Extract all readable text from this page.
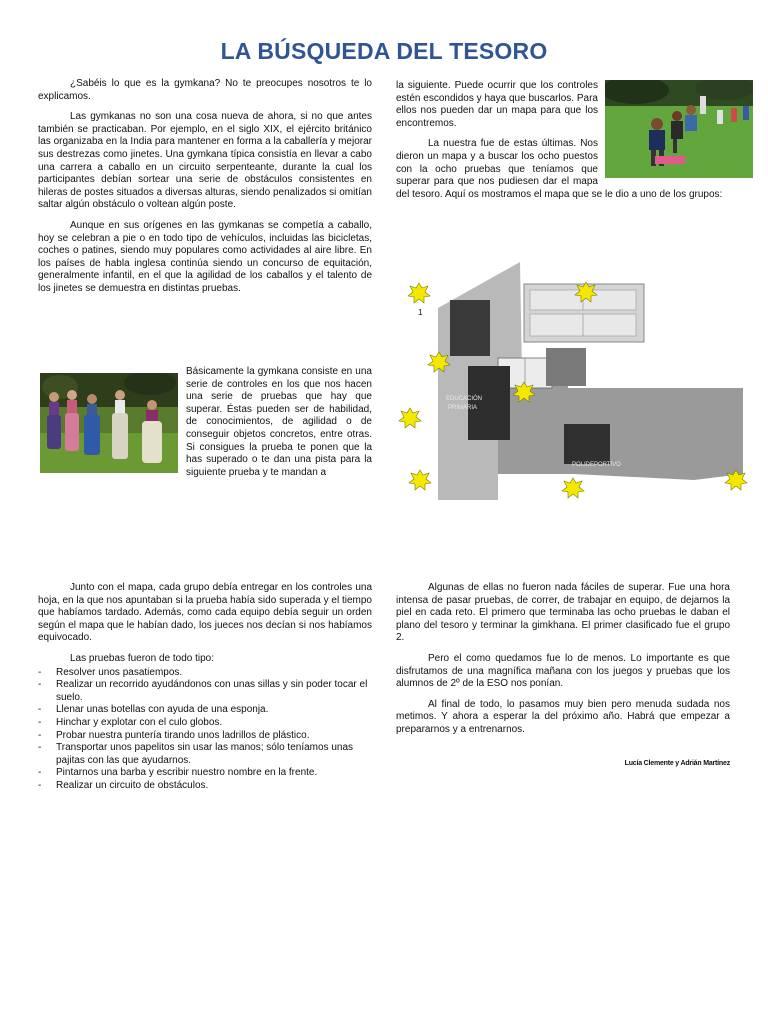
LA BÚSQUEDA DEL TESORO

¿Sabéis lo que es la gymkana? No te preocupes nosotros te lo explicamos.

Las gymkanas no son una cosa nueva de ahora, si no que antes también se practicaban. Por ejemplo, en el siglo XIX, el ejército británico las organizaba en la India para mantener en forma a la caballería y mejorar sus destrezas como jinetes. Una gymkana típica consistía en llevar a cabo una carrera a caballo en un circuito serpenteante, durante la cual los participantes debían sortear una serie de obstáculos consistentes en hileras de postes situados a diversas alturas, siendo penalizados si omitían saltar algún obstáculo o voltean algún poste.

Aunque en sus orígenes en las gymkanas se competía a caballo, hoy se celebran a pie o en todo tipo de vehículos, incluidas las bicicletas, coches o patines, siendo muy populares como actividades al aire libre. En los países de habla inglesa continúa siendo un concurso de equitación, generalmente infantil, en el que la agilidad de los caballos y el talento de los jinetes se demuestra en distintas pruebas.

Básicamente la gymkana consiste en una serie de controles en los que nos hacen una serie de pruebas que hay que superar. Éstas pueden ser de habilidad, de conocimientos, de agilidad o de conseguir objetos concretos, entre otras. Si consigues la prueba te ponen que la has superado o te dan una pista para la siguiente prueba y te mandan a

la siguiente. Puede ocurrir que los controles estén escondidos y haya que buscarlos. Para ellos nos pueden dar un mapa para que los encontremos.

La nuestra fue de estas últimas. Nos dieron un mapa y a buscar los ocho puestos con la ocho pruebas que teníamos que superar para que nos pudiesen dar el mapa del tesoro. Aquí os mostramos el mapa que se le dio a uno de los grupos:

EDUCACIÓN
PRIMARIA
POLIDEPORTIVO
1

Junto con el mapa, cada grupo debía entregar en los controles una hoja, en la que nos apuntaban si la prueba había sido superada y el tiempo que habíamos tardado. Además, como cada equipo debía seguir un orden según el mapa que le habían dado, los jueces nos decían si nos habíamos equivocado.

Las pruebas fueron de todo tipo:

- Resolver unos pasatiempos.
- Realizar un recorrido ayudándonos con unas sillas y sin poder tocar el suelo.
- Llenar unas botellas con ayuda de una esponja.
- Hinchar y explotar con el culo globos.
- Probar nuestra puntería tirando unos ladrillos de plástico.
- Transportar unos papelitos sin usar las manos; sólo teníamos unas pajitas con las que ayudarnos.
- Pintarnos una barba y escribir nuestro nombre en la frente.
- Realizar un circuito de obstáculos.

Algunas de ellas no fueron nada fáciles de superar. Fue una hora intensa de pasar pruebas, de correr, de trabajar en equipo, de dejarnos la piel en cada reto. El primero que terminaba las ocho pruebas le daban el plano del tesoro y terminar la gimkhana. El primer clasificado fue el grupo 2.

Pero el como quedamos fue lo de menos. Lo importante es que disfrutamos de una magnífica mañana con los juegos y pruebas que los alumnos de 2º de la ESO nos ponían.

Al final de todo, lo pasamos muy bien pero menuda sudada nos metimos. Y ahora a esperar la del próximo año. Habrá que empezar a prepararnos y a entrenarnos.

Lucía Clemente y Adrián Martínez
